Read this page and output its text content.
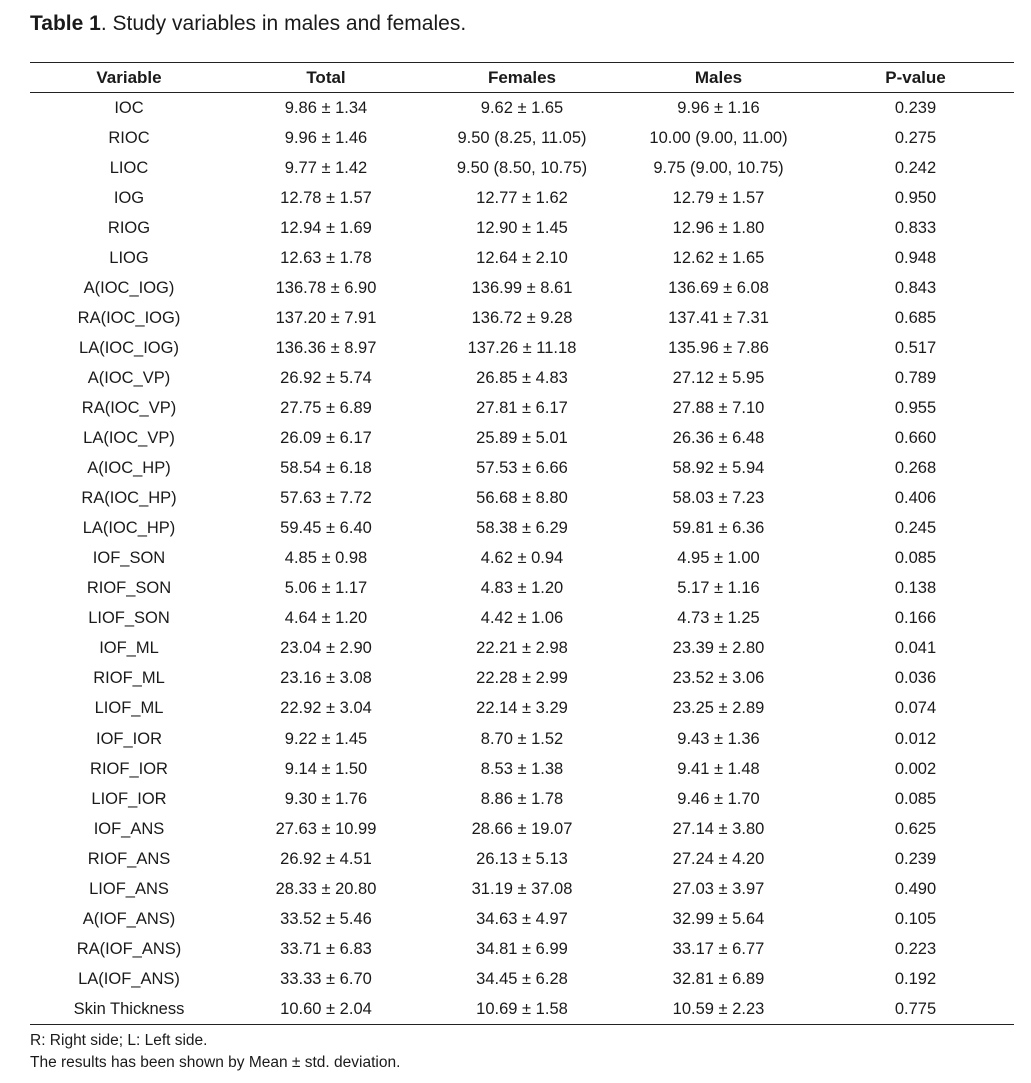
Table 1. Study variables in males and females.
Variable	Total	Females	Males	P-value
IOC	9.86 ± 1.34	9.62 ± 1.65	9.96 ± 1.16	0.239
RIOC	9.96 ± 1.46	9.50 (8.25, 11.05)	10.00 (9.00, 11.00)	0.275
LIOC	9.77 ± 1.42	9.50 (8.50, 10.75)	9.75 (9.00, 10.75)	0.242
IOG	12.78 ± 1.57	12.77 ± 1.62	12.79 ± 1.57	0.950
RIOG	12.94 ± 1.69	12.90 ± 1.45	12.96 ± 1.80	0.833
LIOG	12.63 ± 1.78	12.64 ± 2.10	12.62 ± 1.65	0.948
A(IOC_IOG)	136.78 ± 6.90	136.99 ± 8.61	136.69 ± 6.08	0.843
RA(IOC_IOG)	137.20 ± 7.91	136.72 ± 9.28	137.41 ± 7.31	0.685
LA(IOC_IOG)	136.36 ± 8.97	137.26 ± 11.18	135.96 ± 7.86	0.517
A(IOC_VP)	26.92 ± 5.74	26.85 ± 4.83	27.12 ± 5.95	0.789
RA(IOC_VP)	27.75 ± 6.89	27.81 ± 6.17	27.88 ± 7.10	0.955
LA(IOC_VP)	26.09 ± 6.17	25.89 ± 5.01	26.36 ± 6.48	0.660
A(IOC_HP)	58.54 ± 6.18	57.53 ± 6.66	58.92 ± 5.94	0.268
RA(IOC_HP)	57.63 ± 7.72	56.68 ± 8.80	58.03 ± 7.23	0.406
LA(IOC_HP)	59.45 ± 6.40	58.38 ± 6.29	59.81 ± 6.36	0.245
IOF_SON	4.85 ± 0.98	4.62 ± 0.94	4.95 ± 1.00	0.085
RIOF_SON	5.06 ± 1.17	4.83 ± 1.20	5.17 ± 1.16	0.138
LIOF_SON	4.64 ± 1.20	4.42 ± 1.06	4.73 ± 1.25	0.166
IOF_ML	23.04 ± 2.90	22.21 ± 2.98	23.39 ± 2.80	0.041
RIOF_ML	23.16 ± 3.08	22.28 ± 2.99	23.52 ± 3.06	0.036
LIOF_ML	22.92 ± 3.04	22.14 ± 3.29	23.25 ± 2.89	0.074
IOF_IOR	9.22 ± 1.45	8.70 ± 1.52	9.43 ± 1.36	0.012
RIOF_IOR	9.14 ± 1.50	8.53 ± 1.38	9.41 ± 1.48	0.002
LIOF_IOR	9.30 ± 1.76	8.86 ± 1.78	9.46 ± 1.70	0.085
IOF_ANS	27.63 ± 10.99	28.66 ± 19.07	27.14 ± 3.80	0.625
RIOF_ANS	26.92 ± 4.51	26.13 ± 5.13	27.24 ± 4.20	0.239
LIOF_ANS	28.33 ± 20.80	31.19 ± 37.08	27.03 ± 3.97	0.490
A(IOF_ANS)	33.52 ± 5.46	34.63 ± 4.97	32.99 ± 5.64	0.105
RA(IOF_ANS)	33.71 ± 6.83	34.81 ± 6.99	33.17 ± 6.77	0.223
LA(IOF_ANS)	33.33 ± 6.70	34.45 ± 6.28	32.81 ± 6.89	0.192
Skin Thickness	10.60 ± 2.04	10.69 ± 1.58	10.59 ± 2.23	0.775
R: Right side; L: Left side.
The results has been shown by Mean ± std. deviation.
